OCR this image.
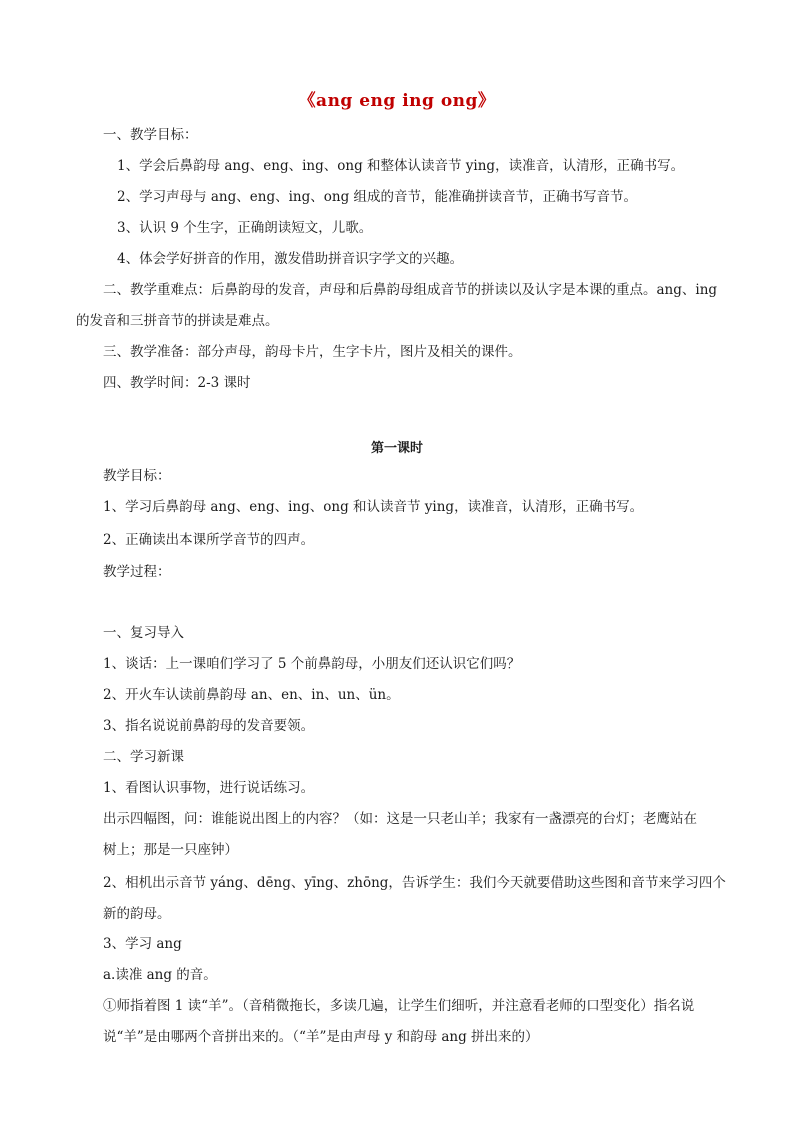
《ang eng ing ong》
一、教学目标：
1、学会后鼻韵母 ang、eng、ing、ong 和整体认读音节 ying，读准音，认清形，正确书写。
2、学习声母与 ang、eng、ing、ong 组成的音节，能准确拼读音节，正确书写音节。
3、认识 9 个生字，正确朗读短文，儿歌。
4、体会学好拼音的作用，激发借助拼音识字学文的兴趣。
二、教学重难点：后鼻韵母的发音，声母和后鼻韵母组成音节的拼读以及认字是本课的重点。ang、ing
的发音和三拼音节的拼读是难点。
三、教学准备：部分声母，韵母卡片，生字卡片，图片及相关的课件。
四、教学时间：2-3 课时
第一课时
教学目标：
1、学习后鼻韵母 ang、eng、ing、ong 和认读音节 ying，读准音，认清形，正确书写。
2、正确读出本课所学音节的四声。
教学过程：
一、复习导入
1、谈话：上一课咱们学习了 5 个前鼻韵母，小朋友们还认识它们吗？
2、开火车认读前鼻韵母 an、en、in、un、ün。
3、指名说说前鼻韵母的发音要领。
二、学习新课
1、看图认识事物，进行说话练习。
出示四幅图，问：谁能说出图上的内容？（如：这是一只老山羊；我家有一盏漂亮的台灯；老鹰站在
树上；那是一只座钟）
2、相机出示音节 yáng、dēng、yīng、zhōng，告诉学生：我们今天就要借助这些图和音节来学习四个
新的韵母。
3、学习 ang
a.读准 ang 的音。
①师指着图 1 读“羊”。（音稍微拖长，多读几遍，让学生们细听，并注意看老师的口型变化）指名说
说“羊”是由哪两个音拼出来的。（“羊”是由声母 y 和韵母 ang 拼出来的）
